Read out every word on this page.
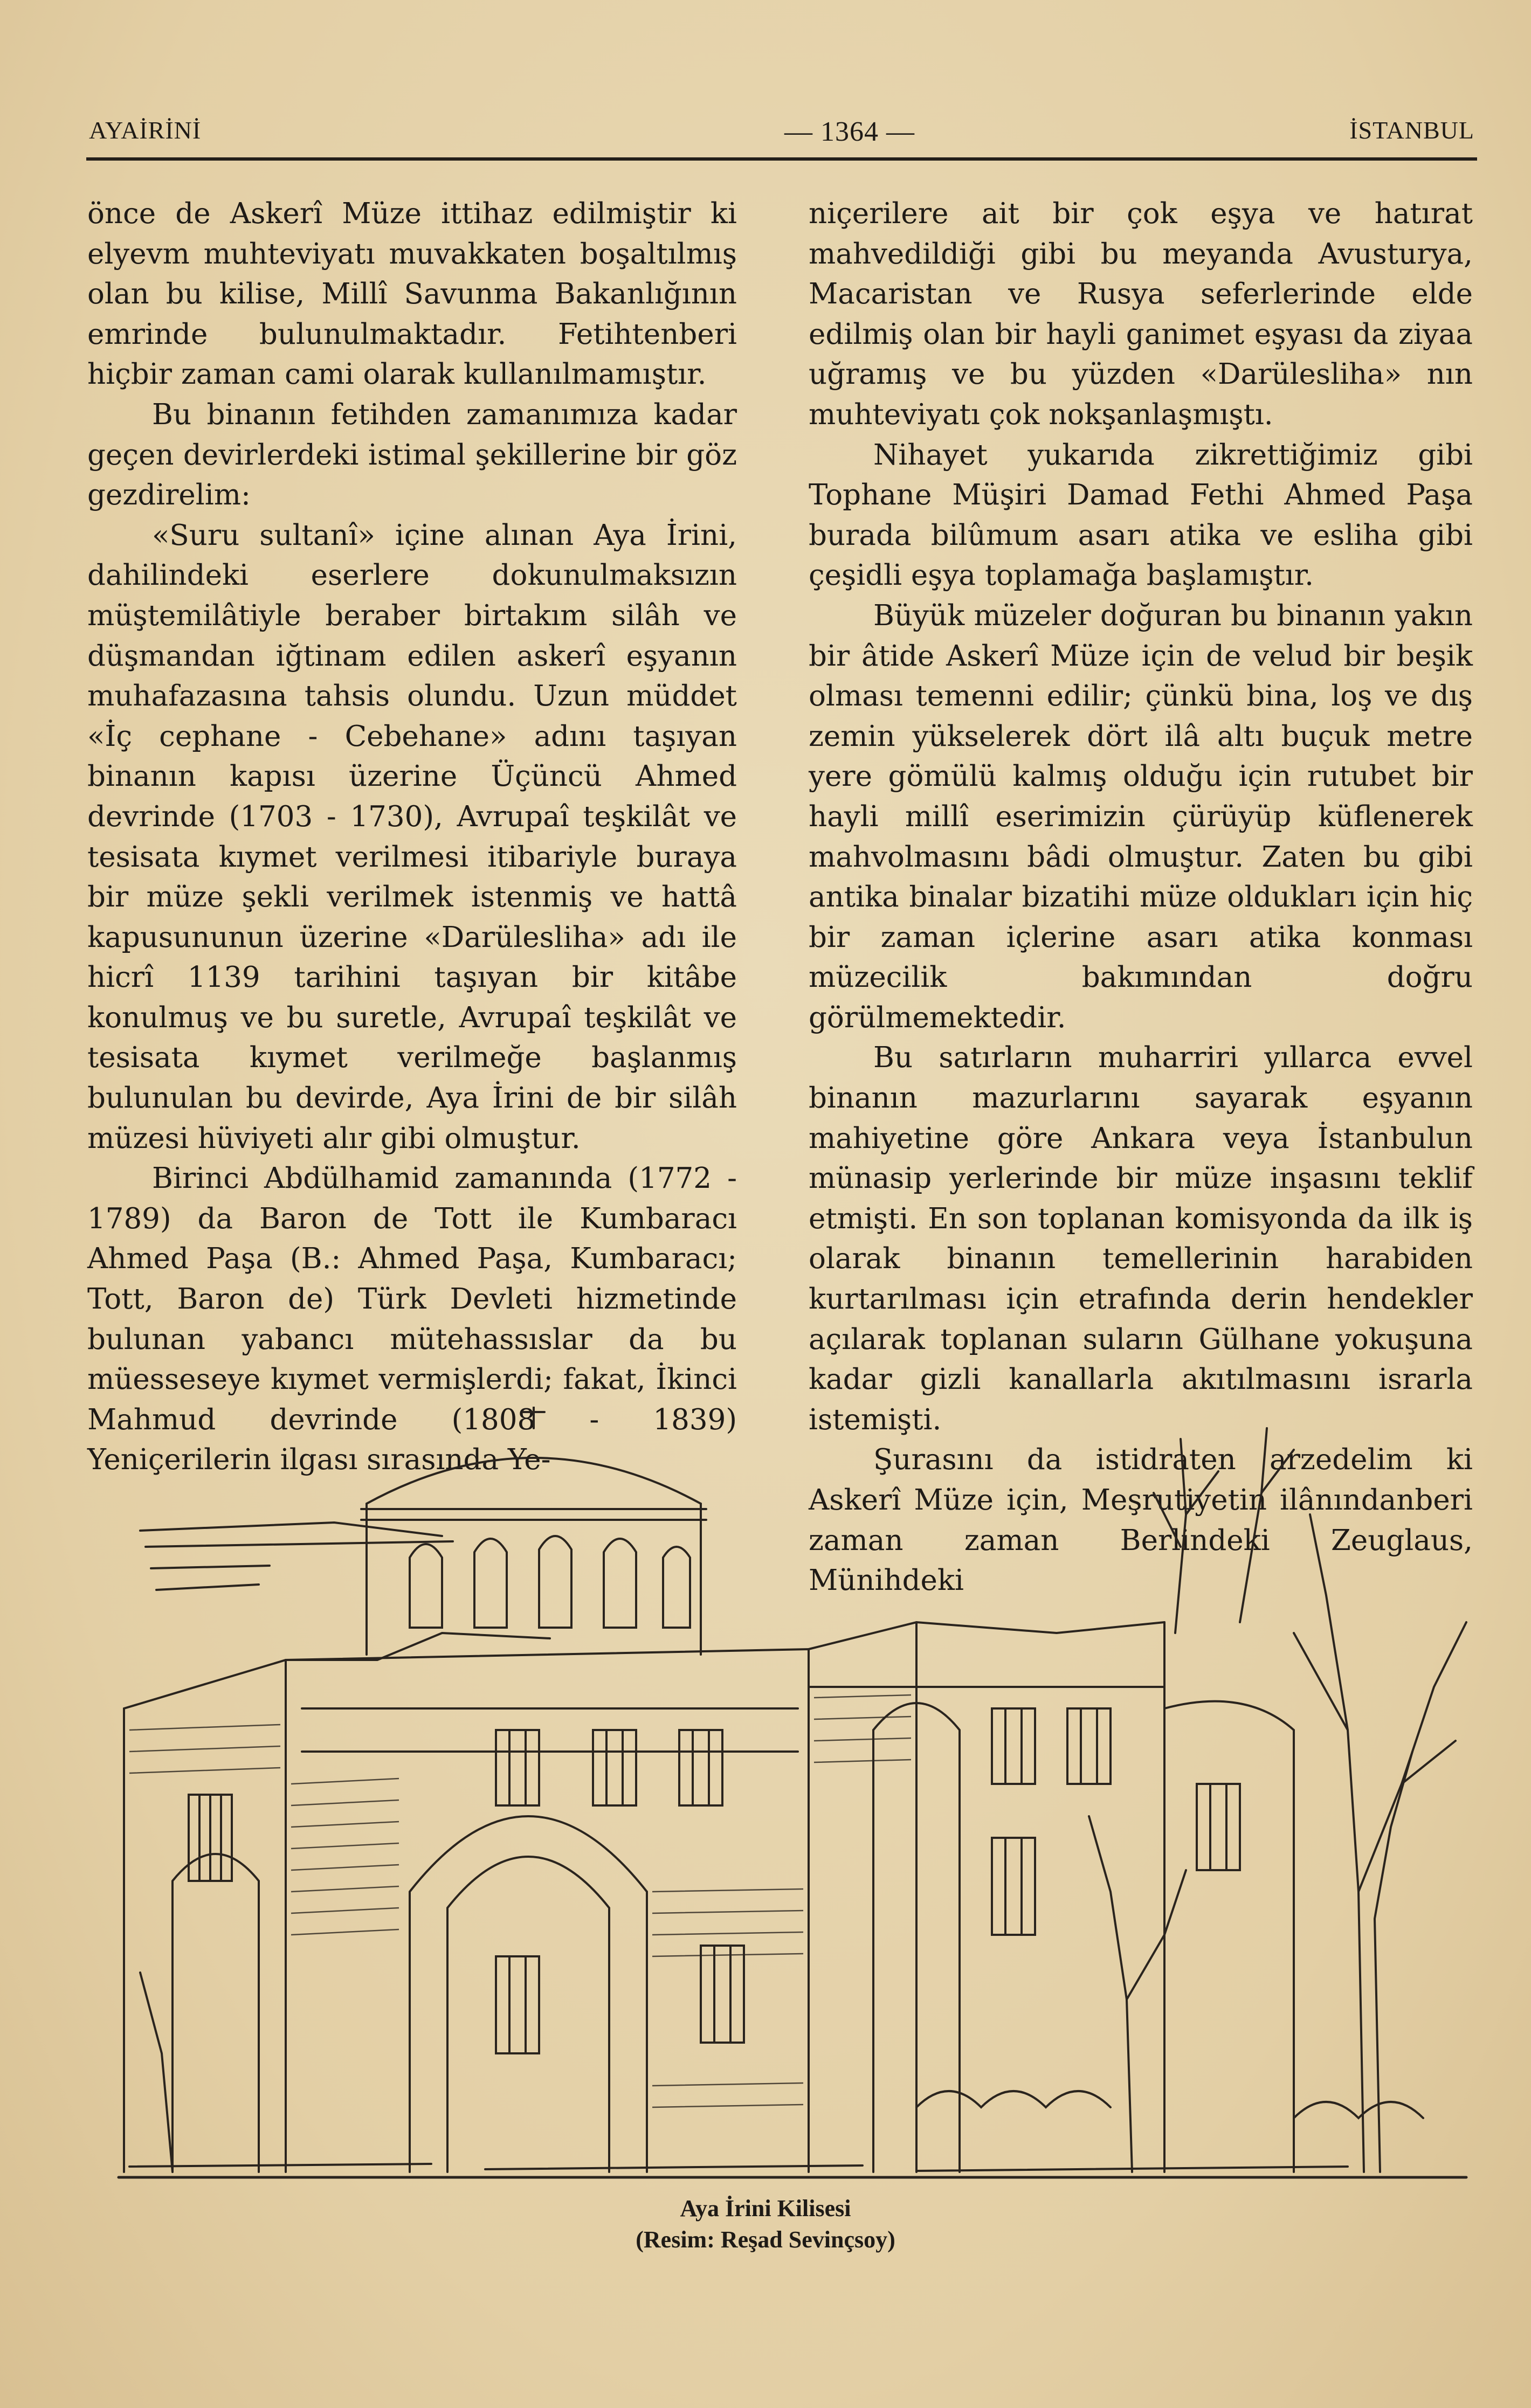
AYAİRİNİ	— 1364 —	İSTANBUL

önce de Askerî Müze ittihaz edilmiştir ki elyevm muhteviyatı muvakkaten boşaltılmış olan bu kilise, Millî Savunma Bakanlığının emrinde bulunulmaktadır. Fetihtenberi hiçbir zaman cami olarak kullanılmamıştır.

Bu binanın fetihden zamanımıza kadar geçen devirlerdeki istimal şekillerine bir göz gezdirelim:

«Suru sultanî» içine alınan Aya İrini, dahilindeki eserlere dokunulmaksızın müştemilâtiyle beraber birtakım silâh ve düşmandan iğtinam edilen askerî eşyanın muhafazasına tahsis olundu. Uzun müddet «İç cephane - Cebehane» adını taşıyan binanın kapısı üzerine Üçüncü Ahmed devrinde (1703 - 1730), Avrupaî teşkilât ve tesisata kıymet verilmesi itibariyle buraya bir müze şekli verilmek istenmiş ve hattâ kapusununun üzerine «Darülesliha» adı ile hicrî 1139 tarihini taşıyan bir kitâbe konulmuş ve bu suretle, Avrupaî teşkilât ve tesisata kıymet verilmeğe başlanmış bulunulan bu devirde, Aya İrini de bir silâh müzesi hüviyeti alır gibi olmuştur.

Birinci Abdülhamid zamanında (1772 - 1789) da Baron de Tott ile Kumbaracı Ahmed Paşa (B.: Ahmed Paşa, Kumbaracı; Tott, Baron de) Türk Devleti hizmetinde bulunan yabancı mütehassıslar da bu müesseseye kıymet vermişlerdi; fakat, İkinci Mahmud devrinde (1808 - 1839) Yeniçerilerin ilgası sırasında Ye-

niçerilere ait bir çok eşya ve hatırat mahvedildiği gibi bu meyanda Avusturya, Macaristan ve Rusya seferlerinde elde edilmiş olan bir hayli ganimet eşyası da ziyaa uğramış ve bu yüzden «Darülesliha» nın muhteviyatı çok nokşanlaşmıştı.

Nihayet yukarıda zikrettiğimiz gibi Tophane Müşiri Damad Fethi Ahmed Paşa burada bilûmum asarı atika ve esliha gibi çeşidli eşya toplamağa başlamıştır.

Büyük müzeler doğuran bu binanın yakın bir âtide Askerî Müze için de velud bir beşik olması temenni edilir; çünkü bina, loş ve dış zemin yükselerek dört ilâ altı buçuk metre yere gömülü kalmış olduğu için rutubet bir hayli millî eserimizin çürüyüp küflenerek mahvolmasını bâdi olmuştur. Zaten bu gibi antika binalar bizatihi müze oldukları için hiç bir zaman içlerine asarı atika konması müzecilik bakımından doğru görülmemektedir.

Bu satırların muharriri yıllarca evvel binanın mazurlarını sayarak eşyanın mahiyetine göre Ankara veya İstanbulun münasip yerlerinde bir müze inşasını teklif etmişti. En son toplanan komisyonda da ilk iş olarak binanın temellerinin harabiden kurtarılması için etrafında derin hendekler açılarak toplanan suların Gülhane yokuşuna kadar gizli kanallarla akıtılmasını israrla istemişti.

Şurasını da istidraten arzedelim ki Askerî Müze için, Meşrutiyetin ilânındanberi zaman zaman Berlindeki Zeuglaus, Münihdeki

Aya İrini Kilisesi
(Resim: Reşad Sevinçsoy)
